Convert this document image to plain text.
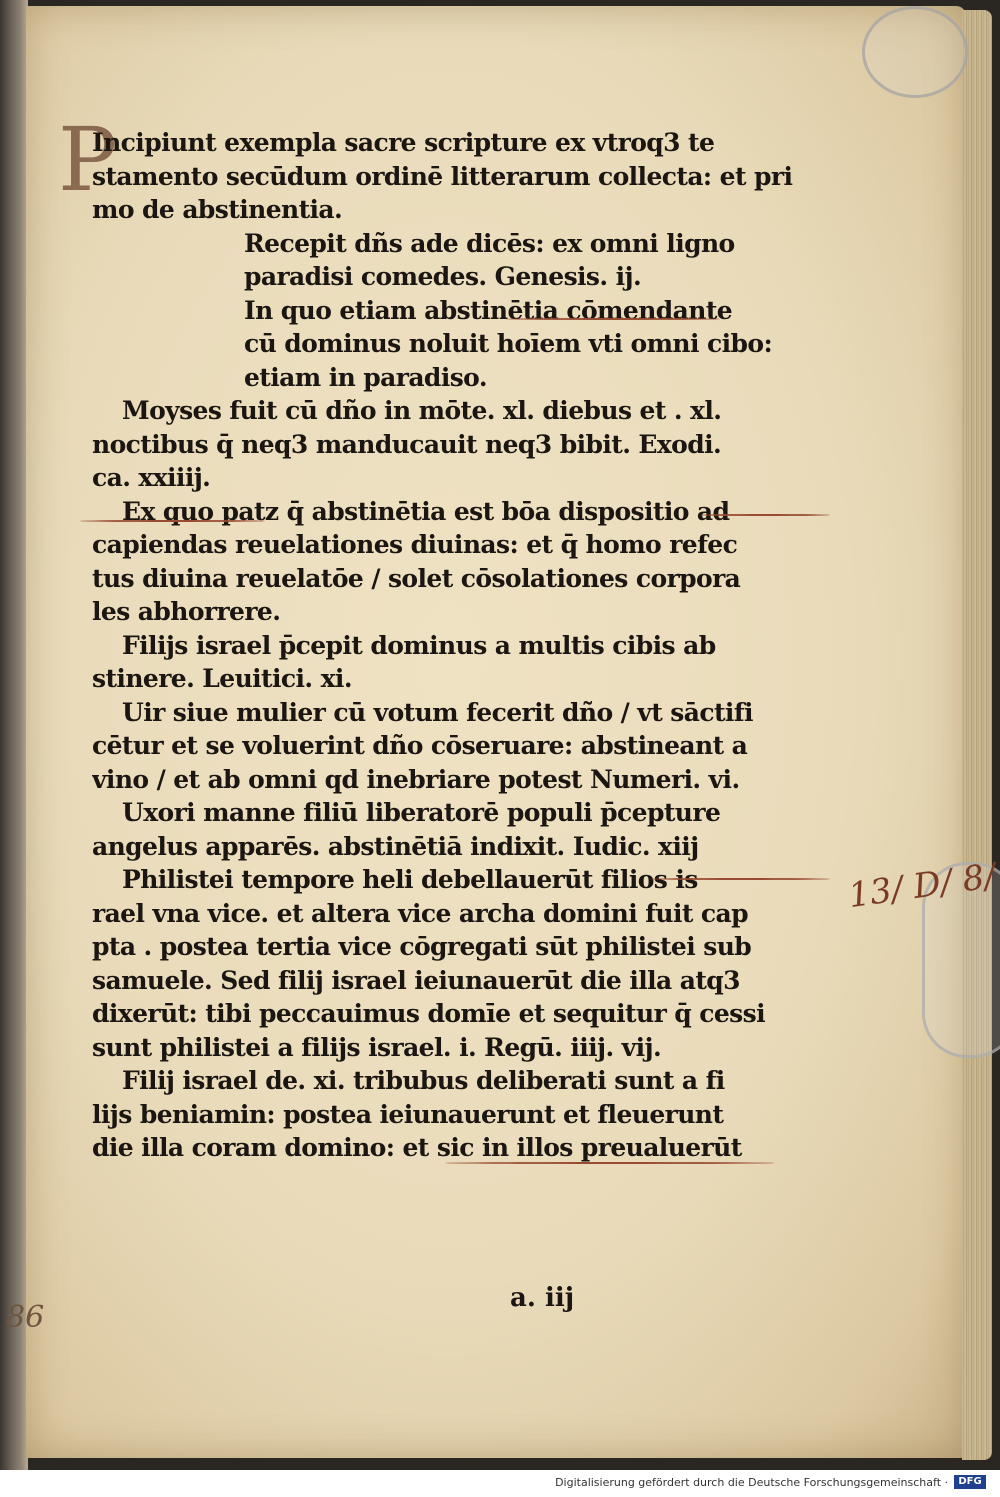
P
Incipiunt exempla sacre scripture ex vtroq3 te
stamento secūdum ordinē litterarum collecta: et pri
mo de abstinentia.
Recepit dñs ade dicēs: ex omni ligno
paradisi comedes. Genesis. ij.
In quo etiam abstinētia cōmendante
cū dominus noluit hoīem vti omni cibo:
etiam in paradiso.
Moyses fuit cū dño in mōte. xl. diebus et . xl.
noctibus q̄ neq3 manducauit neq3 bibit. Exodi.
ca. xxiiij.
Ex quo patz q̄ abstinētia est bōa dispositio ad
capiendas reuelationes diuinas: et q̄ homo refec
tus diuina reuelatōe / solet cōsolationes corpora
les abhorrere.
Filijs israel p̄cepit dominus a multis cibis ab
stinere. Leuitici. xi.
Uir siue mulier cū votum fecerit dño / vt sāctifi
cētur et se voluerint dño cōseruare: abstineant a
vino / et ab omni qd inebriare potest Numeri. vi.
Uxori manne filiū liberatorē populi p̄cepture
angelus apparēs. abstinētiā indixit. Iudic. xiij
Philistei tempore heli debellauerūt filios is
rael vna vice. et altera vice archa domini fuit cap
pta . postea tertia vice cōgregati sūt philistei sub
samuele. Sed filij israel ieiunauerūt die illa atq3
dixerūt: tibi peccauimus domīe et sequitur q̄ cessi
sunt philistei a filijs israel. i. Regū. iiij. vij.
Filij israel de. xi. tribubus deliberati sunt a fi
lijs beniamin: postea ieiunauerunt et fleuerunt
die illa coram domino: et sic in illos preualuerūt
a. iij
13/ D/ 8/
86
Digitalisierung gefördert durch die Deutsche Forschungsgemeinschaft ·	DFG
